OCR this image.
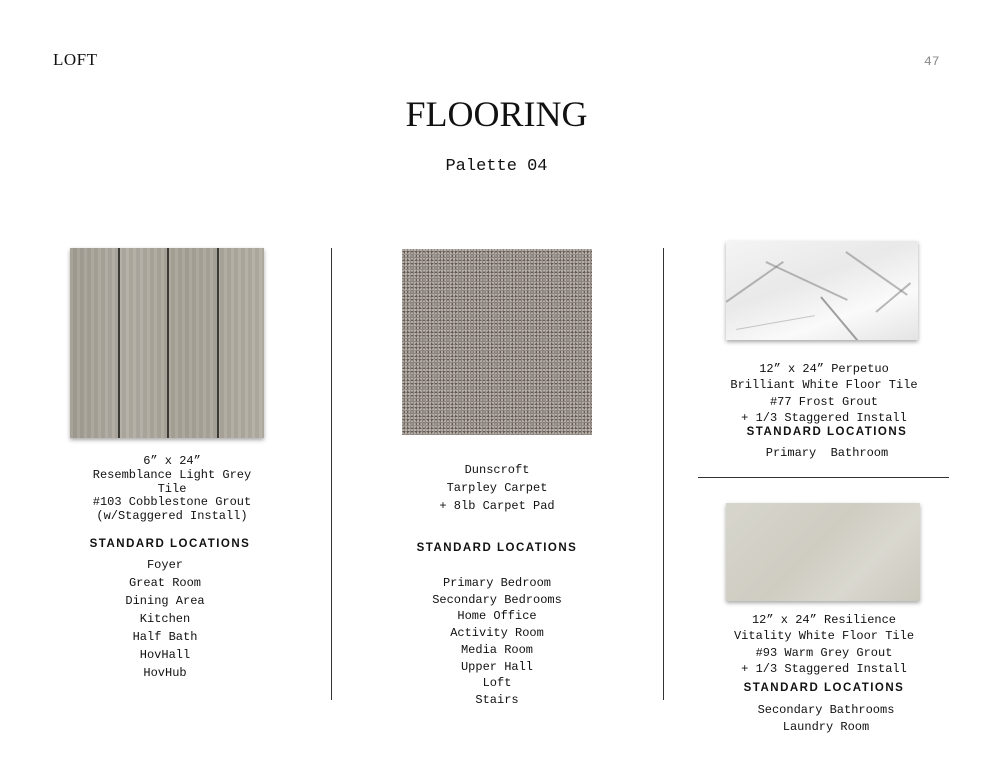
LOFT	47
FLOORING
Palette 04
6” x 24”
Resemblance Light Grey
Tile
#103 Cobblestone Grout
(w/Staggered Install)
STANDARD LOCATIONS
Foyer
Great Room
Dining Area
Kitchen
Half Bath
HovHall
HovHub
Dunscroft
Tarpley Carpet
+ 8lb Carpet Pad
STANDARD LOCATIONS
Primary Bedroom
Secondary Bedrooms
Home Office
Activity Room
Media Room
Upper Hall
Loft
Stairs
12” x 24” Perpetuo
Brilliant White Floor Tile
#77 Frost Grout
+ 1/3 Staggered Install
STANDARD LOCATIONS
Primary  Bathroom
12” x 24” Resilience
Vitality White Floor Tile
#93 Warm Grey Grout
+ 1/3 Staggered Install
STANDARD LOCATIONS
Secondary Bathrooms
Laundry Room
